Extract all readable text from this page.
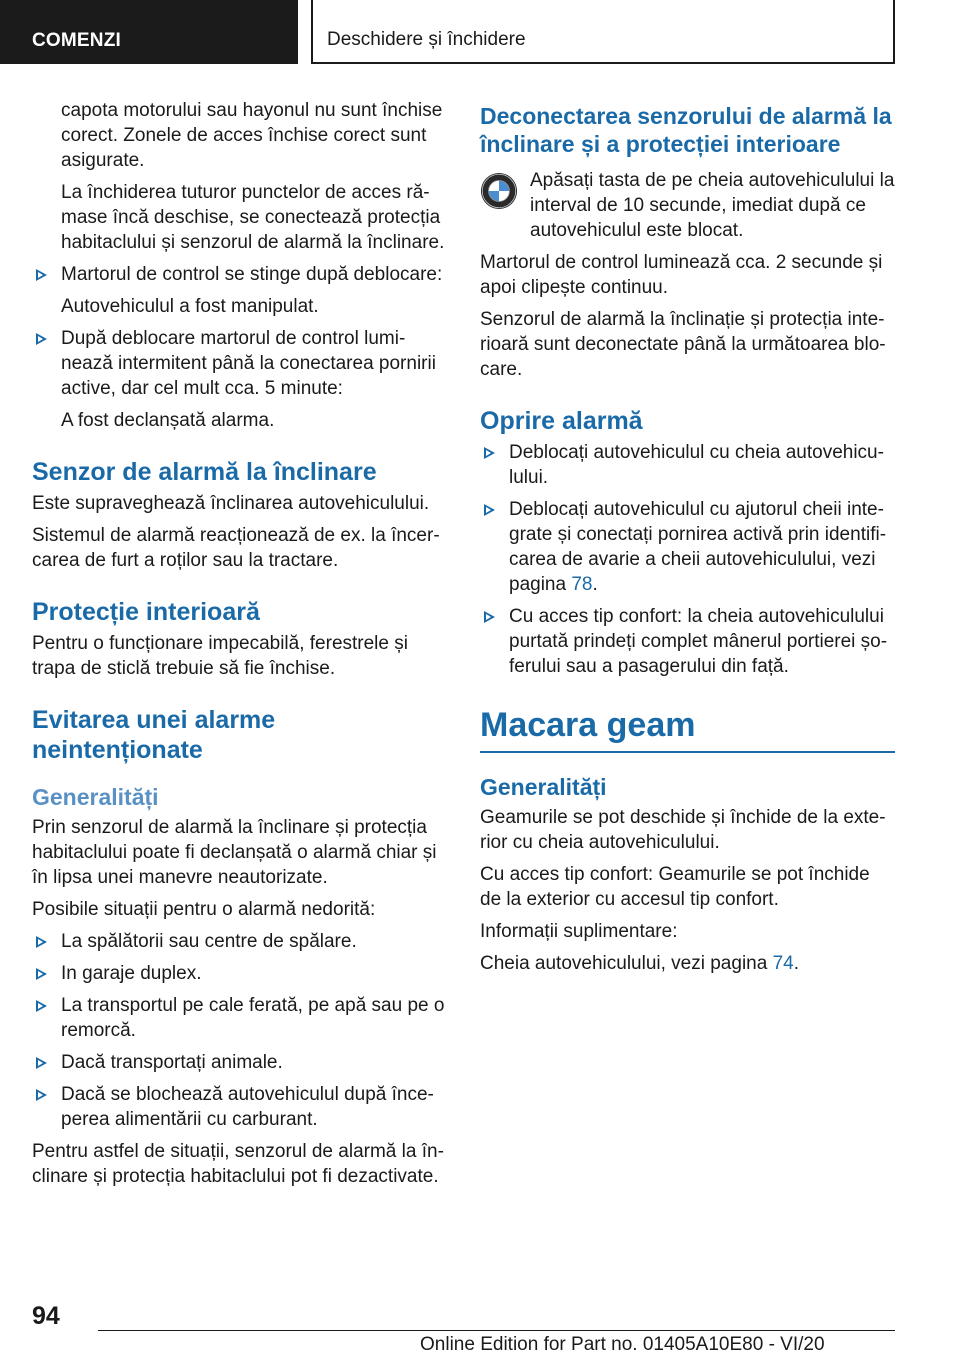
COMENZI	Deschidere și închidere

capota motorului sau hayonul nu sunt închise corect. Zonele de acces închise corect sunt asigurate.

La închiderea tuturor punctelor de acces rămase încă deschise, se conectează protecția habitaclului și senzorul de alarmă la înclinare.

Martorul de control se stinge după deblocare:

Autovehiculul a fost manipulat.

După deblocare martorul de control luminează intermitent până la conectarea pornirii active, dar cel mult cca. 5 minute:

A fost declanșată alarma.

Senzor de alarmă la înclinare

Este supraveghează înclinarea autovehiculului.

Sistemul de alarmă reacționează de ex. la încercarea de furt a roților sau la tractare.

Protecție interioară

Pentru o funcționare impecabilă, ferestrele și trapa de sticlă trebuie să fie închise.

Evitarea unei alarme neintenționate
Generalități

Prin senzorul de alarmă la înclinare și protecția habitaclului poate fi declanșată o alarmă chiar și în lipsa unei manevre neautorizate.

Posibile situații pentru o alarmă nedorită:

La spălătorii sau centre de spălare.
In garaje duplex.
La transportul pe cale ferată, pe apă sau pe o remorcă.
Dacă transportați animale.
Dacă se blochează autovehiculul după începerea alimentării cu carburant.

Pentru astfel de situații, senzorul de alarmă la înclinare și protecția habitaclului pot fi dezactivate.

Deconectarea senzorului de alarmă la înclinare și a protecției interioare

Apăsați tasta de pe cheia autovehiculului la interval de 10 secunde, imediat după ce autovehiculul este blocat.

Martorul de control luminează cca. 2 secunde și apoi clipește continuu.

Senzorul de alarmă la înclinație și protecția interioară sunt deconectate până la următoarea blocare.

Oprire alarmă
Deblocați autovehiculul cu cheia autovehiculului.
Deblocați autovehiculul cu ajutorul cheii integrate și conectați pornirea activă prin identificarea de avarie a cheii autovehiculului, vezi pagina 78.
Cu acces tip confort: la cheia autovehiculului purtată prindeți complet mânerul portierei șoferului sau a pasagerului din față.
Macara geam
Generalități

Geamurile se pot deschide și închide de la exterior cu cheia autovehiculului.

Cu acces tip confort: Geamurile se pot închide de la exterior cu accesul tip confort.

Informații suplimentare:

Cheia autovehiculului, vezi pagina 74.

94
Online Edition for Part no. 01405A10E80 - VI/20
